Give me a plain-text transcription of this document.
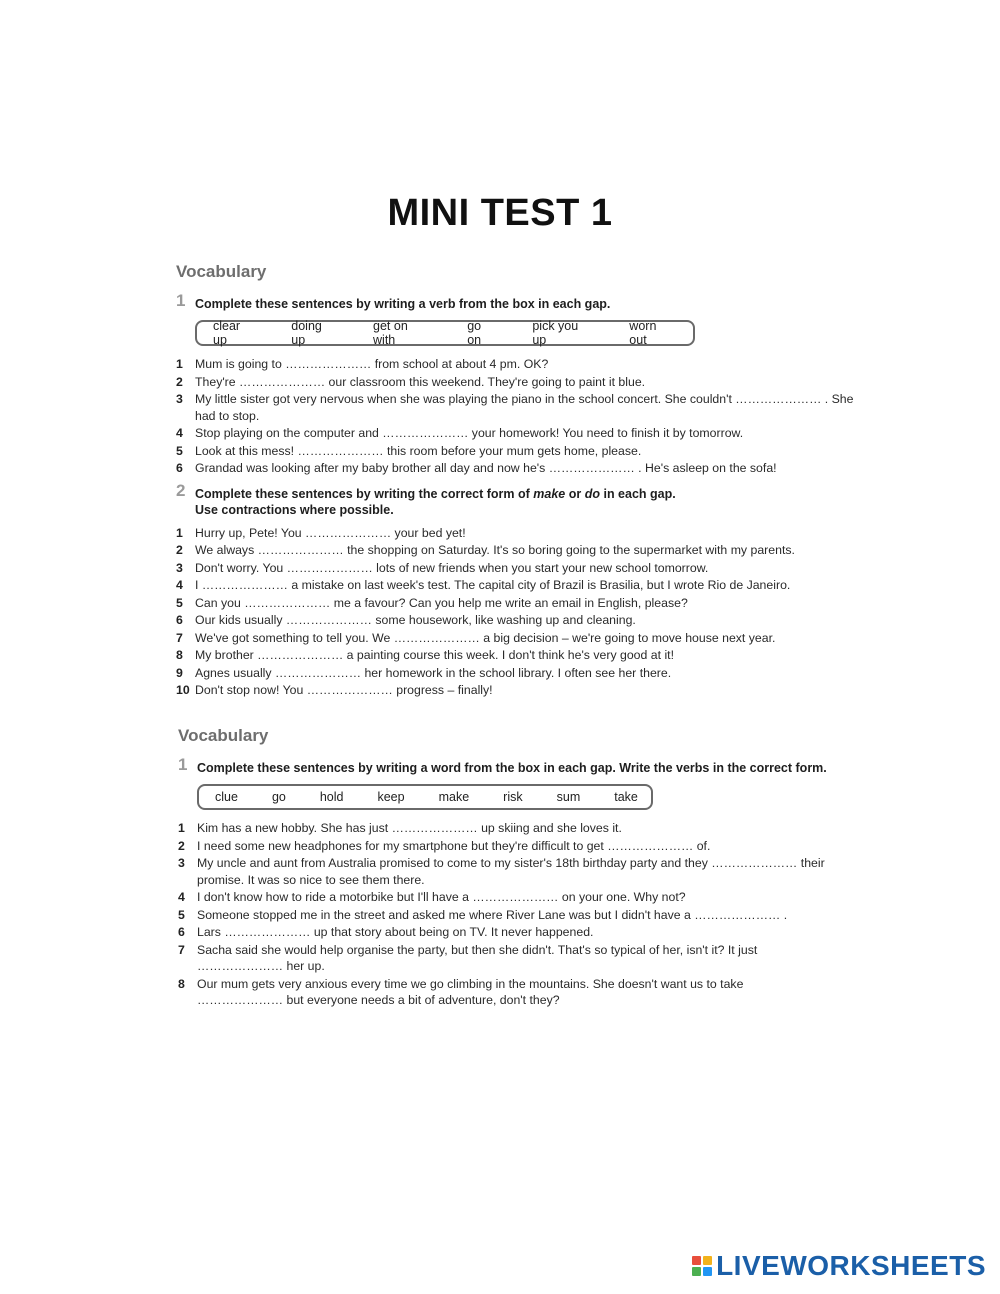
MINI TEST 1
Vocabulary
1 Complete these sentences by writing a verb from the box in each gap.
clear up
doing up
get on with
go on
pick you up
worn out
1 Mum is going to ………………… from school at about 4 pm. OK?
2 They're ………………… our classroom this weekend. They're going to paint it blue.
3 My little sister got very nervous when she was playing the piano in the school concert. She couldn't ………………… . She had to stop.
4 Stop playing on the computer and ………………… your homework! You need to finish it by tomorrow.
5 Look at this mess! ………………… this room before your mum gets home, please.
6 Grandad was looking after my baby brother all day and now he's ………………… . He's asleep on the sofa!
2 Complete these sentences by writing the correct form of make or do in each gap. Use contractions where possible.
1 Hurry up, Pete! You ………………… your bed yet!
2 We always ………………… the shopping on Saturday. It's so boring going to the supermarket with my parents.
3 Don't worry. You ………………… lots of new friends when you start your new school tomorrow.
4 I ………………… a mistake on last week's test. The capital city of Brazil is Brasilia, but I wrote Rio de Janeiro.
5 Can you ………………… me a favour? Can you help me write an email in English, please?
6 Our kids usually ………………… some housework, like washing up and cleaning.
7 We've got something to tell you. We ………………… a big decision – we're going to move house next year.
8 My brother ………………… a painting course this week. I don't think he's very good at it!
9 Agnes usually ………………… her homework in the school library. I often see her there.
10 Don't stop now! You ………………… progress – finally!
Vocabulary
1 Complete these sentences by writing a word from the box in each gap. Write the verbs in the correct form.
clue	go	hold	keep	make	risk	sum	take
1 Kim has a new hobby. She has just ………………… up skiing and she loves it.
2 I need some new headphones for my smartphone but they're difficult to get ………………… of.
3 My uncle and aunt from Australia promised to come to my sister's 18th birthday party and they ………………… their promise. It was so nice to see them there.
4 I don't know how to ride a motorbike but I'll have a ………………… on your one. Why not?
5 Someone stopped me in the street and asked me where River Lane was but I didn't have a ………………… .
6 Lars ………………… up that story about being on TV. It never happened.
7 Sacha said she would help organise the party, but then she didn't. That's so typical of her, isn't it? It just ………………… her up.
8 Our mum gets very anxious every time we go climbing in the mountains. She doesn't want us to take ………………… but everyone needs a bit of adventure, don't they?
LIVEWORKSHEETS
